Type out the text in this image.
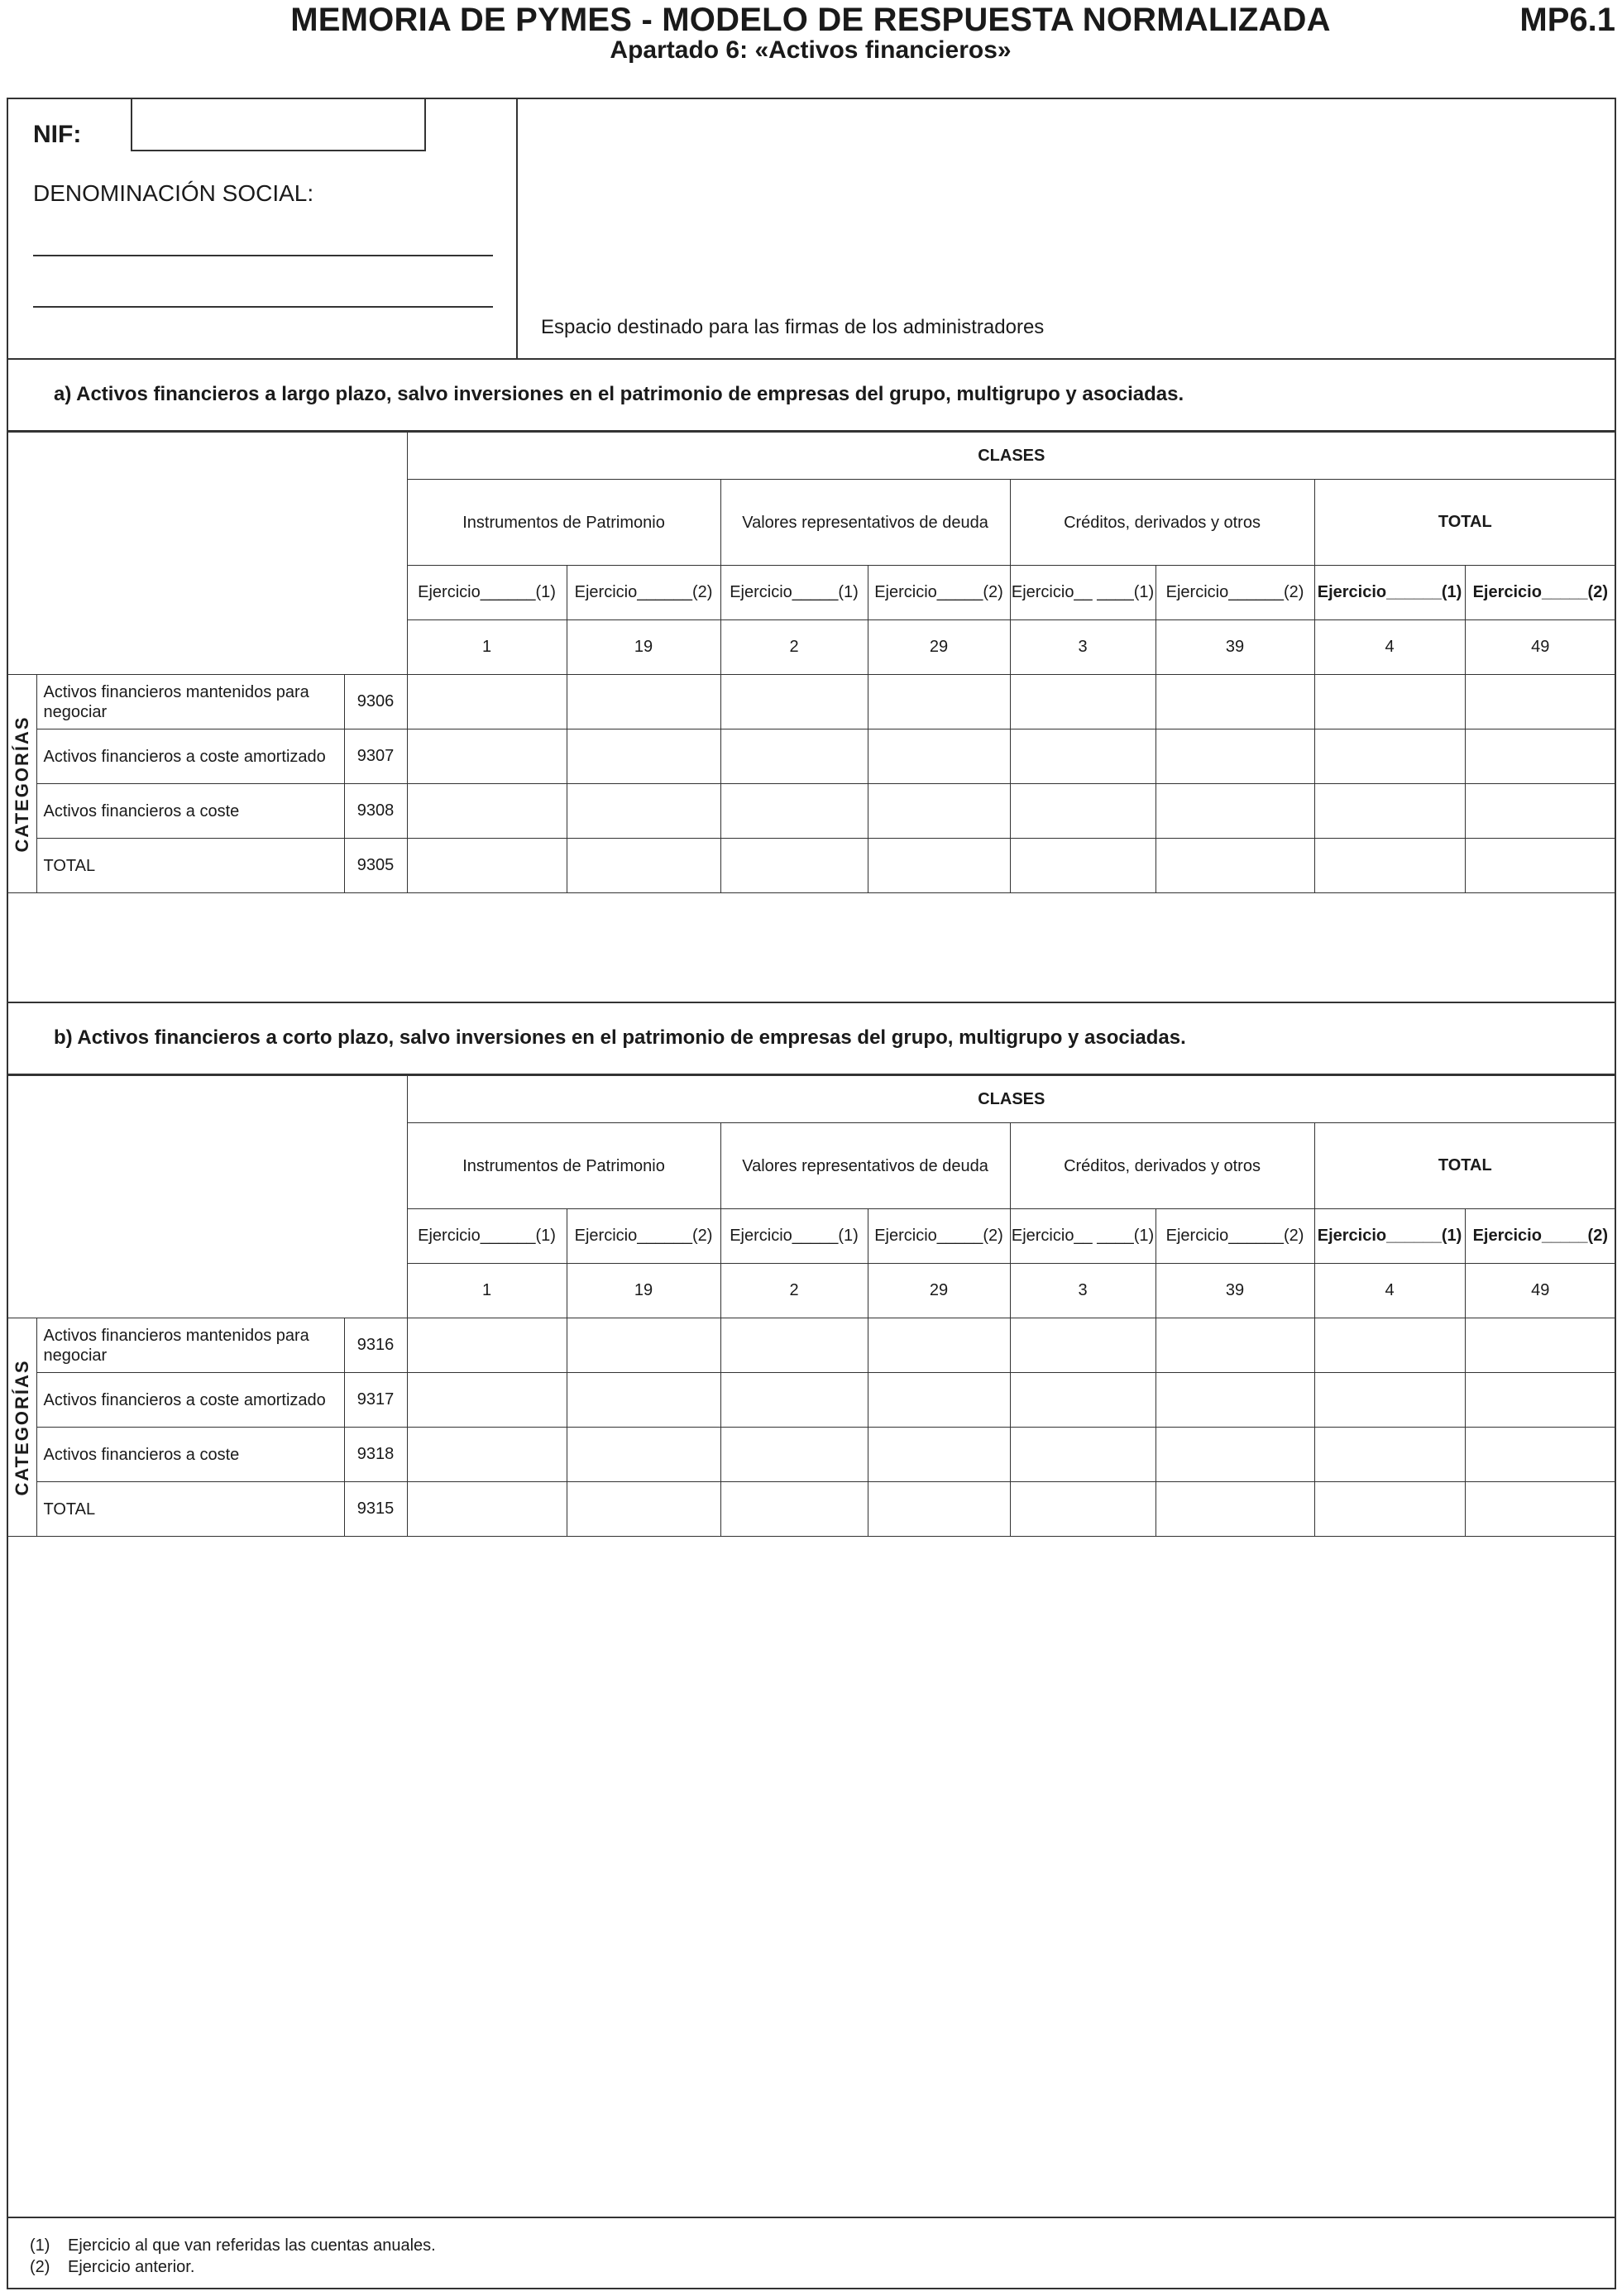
MEMORIA DE PYMES - MODELO DE RESPUESTA NORMALIZADA
Apartado 6: «Activos financieros»
MP6.1
NIF:
DENOMINACIÓN SOCIAL:
Espacio destinado para las firmas de los administradores
a) Activos financieros a largo plazo, salvo inversiones en el patrimonio de empresas del grupo, multigrupo y asociadas.
			CLASES							
			Instrumentos de Patrimonio		Valores representativos de deuda		Créditos, derivados y otros		TOTAL	
			Ejercicio______(1)	Ejercicio______(2)	Ejercicio_____(1)	Ejercicio_____(2)	Ejercicio__ ____(1)	Ejercicio______(2)	Ejercicio______(1)	Ejercicio_____(2)
			1	19	2	29	3	39	4	49

CATEGORÍAS	Activos financieros mantenidos para negociar	9306								
	Activos financieros a coste amortizado	9307								
	Activos financieros a coste	9308								
	TOTAL	9305								
b) Activos financieros a corto plazo, salvo inversiones en el patrimonio de empresas del grupo, multigrupo y asociadas.
			CLASES							
			Instrumentos de Patrimonio		Valores representativos de deuda		Créditos, derivados y otros		TOTAL	
			Ejercicio______(1)	Ejercicio______(2)	Ejercicio_____(1)	Ejercicio_____(2)	Ejercicio__ ____(1)	Ejercicio______(2)	Ejercicio______(1)	Ejercicio_____(2)
			1	19	2	29	3	39	4	49

CATEGORÍAS	Activos financieros mantenidos para negociar	9316								
	Activos financieros a coste amortizado	9317								
	Activos financieros a coste	9318								
	TOTAL	9315								
(1) Ejercicio al que van referidas las cuentas anuales.
(2) Ejercicio anterior.
